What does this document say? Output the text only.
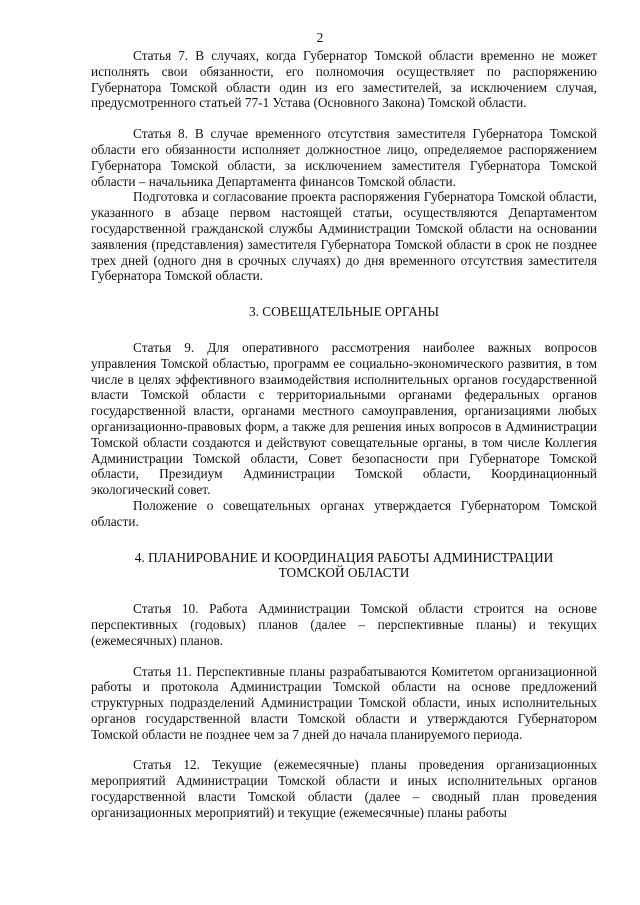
2

Статья 7. В случаях, когда Губернатор Томской области временно не может исполнять свои обязанности, его полномочия осуществляет по распоряжению Губернатора Томской области один из его заместителей, за исключением случая, предусмотренного статьей 77-1 Устава (Основного Закона) Томской области.

Статья 8. В случае временного отсутствия заместителя Губернатора Томской области его обязанности исполняет должностное лицо, определяемое распоряжением Губернатора Томской области, за исключением заместителя Губернатора Томской области – начальника Департамента финансов Томской области.

Подготовка и согласование проекта распоряжения Губернатора Томской области, указанного в абзаце первом настоящей статьи, осуществляются Департаментом государственной гражданской службы Администрации Томской области на основании заявления (представления) заместителя Губернатора Томской области в срок не позднее трех дней (одного дня в срочных случаях) до дня временного отсутствия заместителя Губернатора Томской области.

3. СОВЕЩАТЕЛЬНЫЕ ОРГАНЫ

Статья 9. Для оперативного рассмотрения наиболее важных вопросов управления Томской областью, программ ее социально-экономического развития, в том числе в целях эффективного взаимодействия исполнительных органов государственной власти Томской области с территориальными органами федеральных органов государственной власти, органами местного самоуправления, организациями любых организационно-правовых форм, а также для решения иных вопросов в Администрации Томской области создаются и действуют совещательные органы, в том числе Коллегия Администрации Томской области, Совет безопасности при Губернаторе Томской области, Президиум Администрации Томской области, Координационный экологический совет.

Положение о совещательных органах утверждается Губернатором Томской области.

4. ПЛАНИРОВАНИЕ И КООРДИНАЦИЯ РАБОТЫ АДМИНИСТРАЦИИ

ТОМСКОЙ ОБЛАСТИ

Статья 10. Работа Администрации Томской области строится на основе перспективных (годовых) планов (далее – перспективные планы) и текущих (ежемесячных) планов.

Статья 11. Перспективные планы разрабатываются Комитетом организационной работы и протокола Администрации Томской области на основе предложений структурных подразделений Администрации Томской области, иных исполнительных органов государственной власти Томской области и утверждаются Губернатором Томской области не позднее чем за 7 дней до начала планируемого периода.

Статья 12. Текущие (ежемесячные) планы проведения организационных мероприятий Администрации Томской области и иных исполнительных органов государственной власти Томской области (далее – сводный план проведения организационных мероприятий) и текущие (ежемесячные) планы работы
